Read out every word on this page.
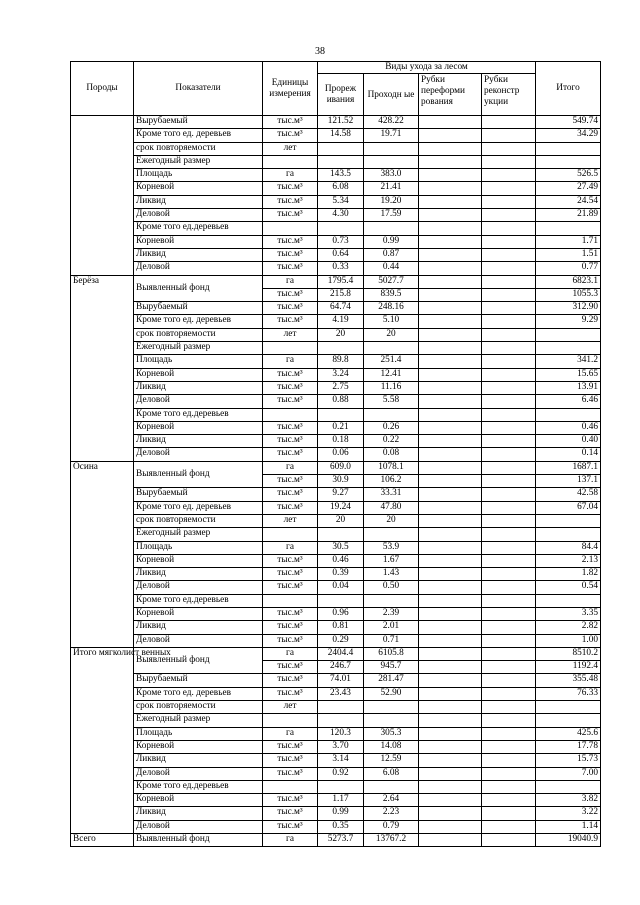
38
Породы	Показатели	Единицы измерения	Виды ухода за лесом				Итого
			Прореж ивания	Проходн ые	Рубки переформи рования	Рубки реконстр укции	
	Вырубаемый	тыс.м³	121.52	428.22			549.74
	Кроме того ед. деревьев	тыс.м³	14.58	19.71			34.29
	срок повторяемости	лет					
	Ежегодный размер						
	Площадь	га	143.5	383.0			526.5
	Корневой	тыс.м³	6.08	21.41			27.49
	Ликвид	тыс.м³	5.34	19.20			24.54
	Деловой	тыс.м³	4.30	17.59			21.89
	Кроме того ед.деревьев						
	Корневой	тыс.м³	0.73	0.99			1.71
	Ликвид	тыс.м³	0.64	0.87			1.51
	Деловой	тыс.м³	0.33	0.44			0.77
Берёза	Выявленный фонд	га	1795.4	5027.7			6823.1
		тыс.м³	215.8	839.5			1055.3
	Вырубаемый	тыс.м³	64.74	248.16			312.90
	Кроме того ед. деревьев	тыс.м³	4.19	5.10			9.29
	срок повторяемости	лет	20	20			
	Ежегодный размер						
	Площадь	га	89.8	251.4			341.2
	Корневой	тыс.м³	3.24	12.41			15.65
	Ликвид	тыс.м³	2.75	11.16			13.91
	Деловой	тыс.м³	0.88	5.58			6.46
	Кроме того ед.деревьев						
	Корневой	тыс.м³	0.21	0.26			0.46
	Ликвид	тыс.м³	0.18	0.22			0.40
	Деловой	тыс.м³	0.06	0.08			0.14
Осина	Выявленный фонд	га	609.0	1078.1			1687.1
		тыс.м³	30.9	106.2			137.1
	Вырубаемый	тыс.м³	9.27	33.31			42.58
	Кроме того ед. деревьев	тыс.м³	19.24	47.80			67.04
	срок повторяемости	лет	20	20			
	Ежегодный размер						
	Площадь	га	30.5	53.9			84.4
	Корневой	тыс.м³	0.46	1.67			2.13
	Ликвид	тыс.м³	0.39	1.43			1.82
	Деловой	тыс.м³	0.04	0.50			0.54
	Кроме того ед.деревьев						
	Корневой	тыс.м³	0.96	2.39			3.35
	Ликвид	тыс.м³	0.81	2.01			2.82
	Деловой	тыс.м³	0.29	0.71			1.00
Итого мягколист венных	Выявленный фонд	га	2404.4	6105.8			8510.2
		тыс.м³	246.7	945.7			1192.4
	Вырубаемый	тыс.м³	74.01	281.47			355.48
	Кроме того ед. деревьев	тыс.м³	23.43	52.90			76.33
	срок повторяемости	лет					
	Ежегодный размер						
	Площадь	га	120.3	305.3			425.6
	Корневой	тыс.м³	3.70	14.08			17.78
	Ликвид	тыс.м³	3.14	12.59			15.73
	Деловой	тыс.м³	0.92	6.08			7.00
	Кроме того ед.деревьев						
	Корневой	тыс.м³	1.17	2.64			3.82
	Ликвид	тыс.м³	0.99	2.23			3.22
	Деловой	тыс.м³	0.35	0.79			1.14
Всего	Выявленный фонд	га	5273.7	13767.2			19040.9
